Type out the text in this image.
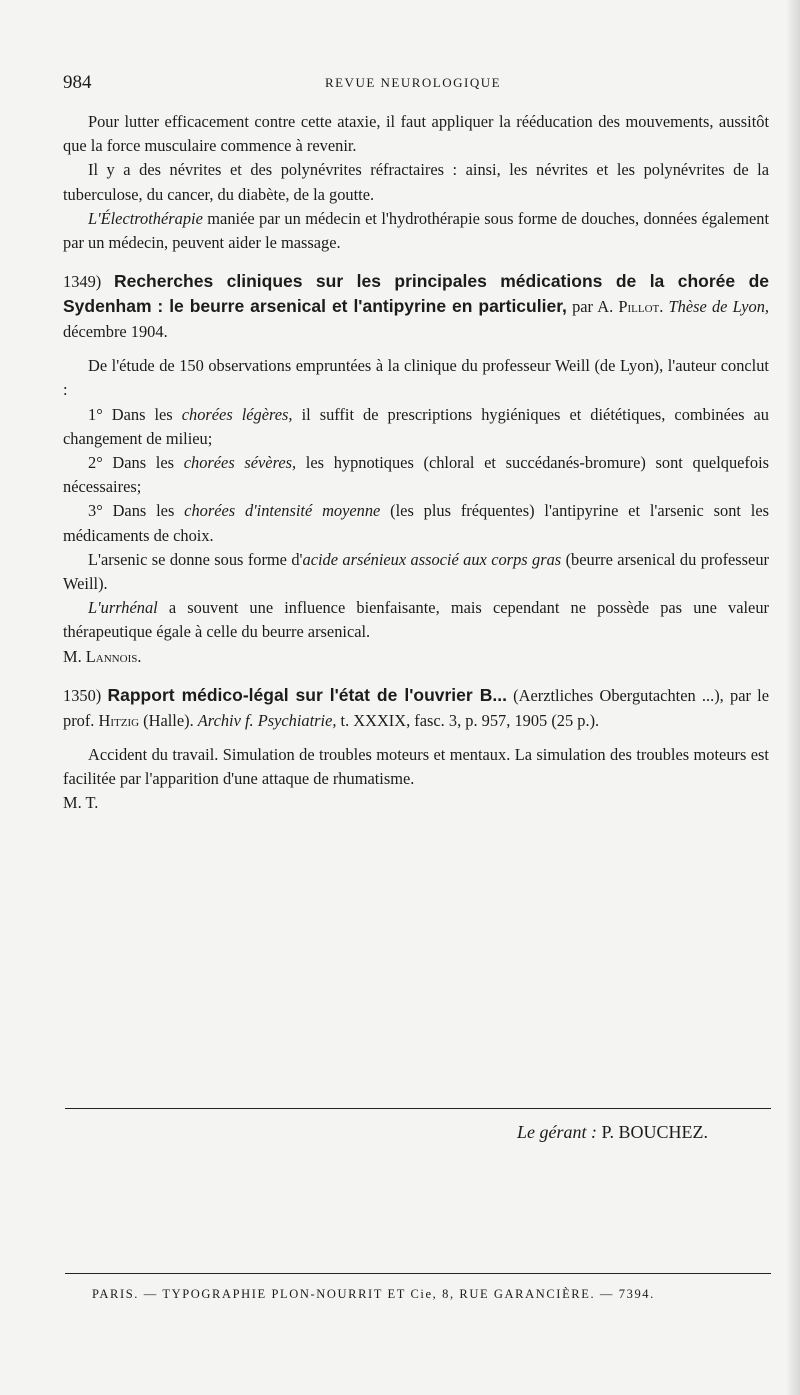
984	REVUE NEUROLOGIQUE

Pour lutter efficacement contre cette ataxie, il faut appliquer la rééducation des mouvements, aussitôt que la force musculaire commence à revenir.

Il y a des névrites et des polynévrites réfractaires : ainsi, les névrites et les polynévrites de la tuberculose, du cancer, du diabète, de la goutte.

L'Électrothérapie maniée par un médecin et l'hydrothérapie sous forme de douches, données également par un médecin, peuvent aider le massage.

1349) Recherches cliniques sur les principales médications de la chorée de Sydenham : le beurre arsenical et l'antipyrine en particulier, par A. Pillot. Thèse de Lyon, décembre 1904.

De l'étude de 150 observations empruntées à la clinique du professeur Weill (de Lyon), l'auteur conclut :

1° Dans les chorées légères, il suffit de prescriptions hygiéniques et diététiques, combinées au changement de milieu;

2° Dans les chorées sévères, les hypnotiques (chloral et succédanés-bromure) sont quelquefois nécessaires;

3° Dans les chorées d'intensité moyenne (les plus fréquentes) l'antipyrine et l'arsenic sont les médicaments de choix.

L'arsenic se donne sous forme d'acide arsénieux associé aux corps gras (beurre arsenical du professeur Weill).

L'urrhénal a souvent une influence bienfaisante, mais cependant ne possède pas une valeur thérapeutique égale à celle du beurre arsenical.

M. Lannois.

1350) Rapport médico-légal sur l'état de l'ouvrier B... (Aerztliches Obergutachten ...), par le prof. Hitzig (Halle). Archiv f. Psychiatrie, t. XXXIX, fasc. 3, p. 957, 1905 (25 p.).

Accident du travail. Simulation de troubles moteurs et mentaux. La simulation des troubles moteurs est facilitée par l'apparition d'une attaque de rhumatisme.

M. T.

Le gérant : P. BOUCHEZ.
PARIS. — TYPOGRAPHIE PLON-NOURRIT ET Cie, 8, RUE GARANCIÈRE. — 7394.
